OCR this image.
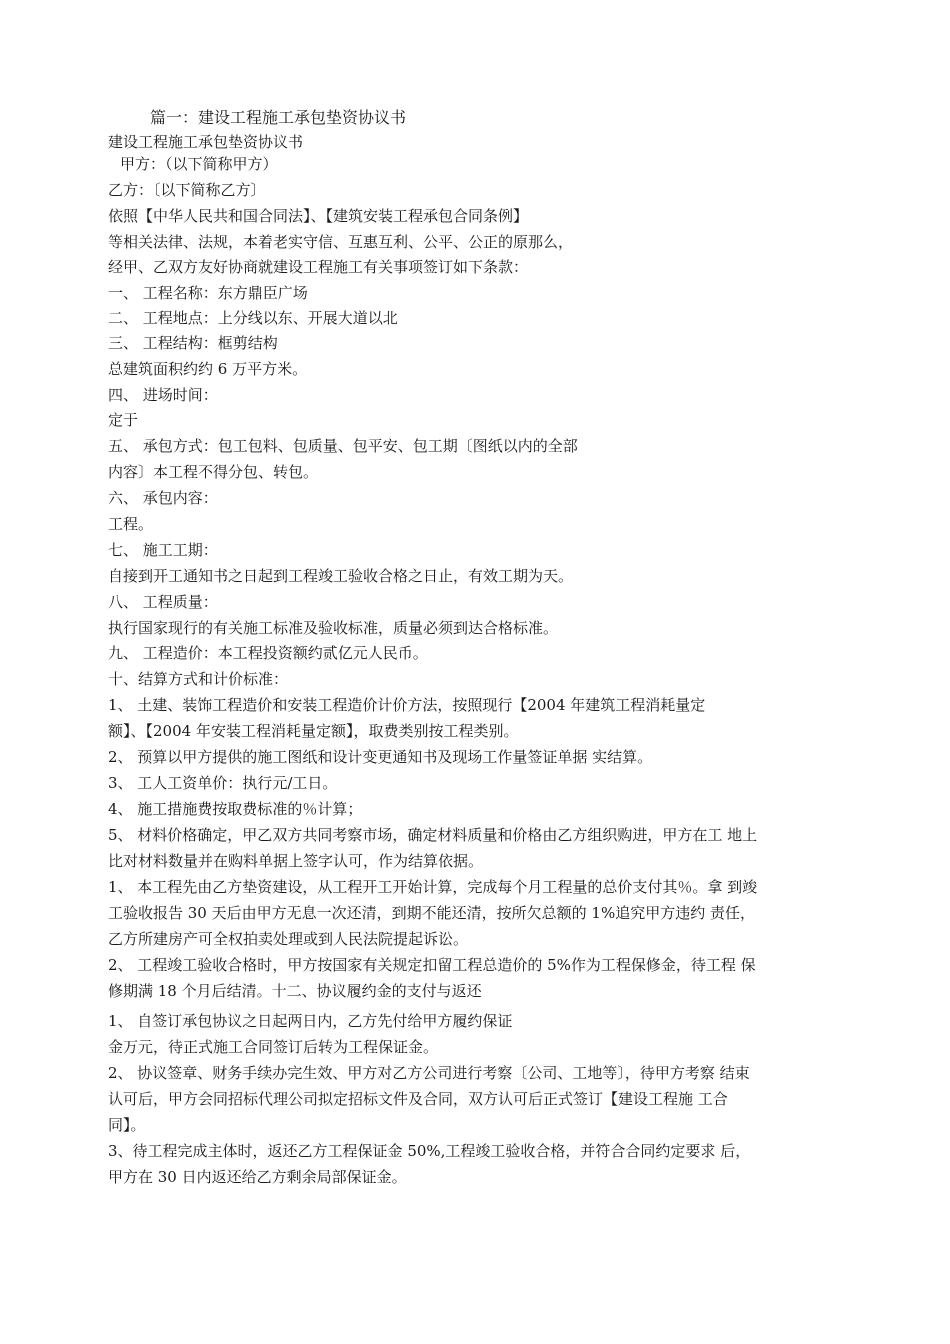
篇一：建设工程施工承包垫资协议书
建设工程施工承包垫资协议书
甲方：（以下简称甲方）
乙方：〔以下简称乙方〕
依照【中华人民共和国合同法】、【建筑安装工程承包合同条例】
等相关法律、法规，本着老实守信、互惠互利、公平、公正的原那么，
经甲、乙双方友好协商就建设工程施工有关事项签订如下条款：
一、 工程名称：东方鼎臣广场
二、 工程地点：上分线以东、开展大道以北
三、 工程结构：框剪结构
总建筑面积约约 6 万平方米。
四、 进场时间：
定于
五、 承包方式：包工包料、包质量、包平安、包工期〔图纸以内的全部
内容〕本工程不得分包、转包。
六、 承包内容：
工程。
七、 施工工期：
自接到开工通知书之日起到工程竣工验收合格之日止，有效工期为天。
八、 工程质量：
执行国家现行的有关施工标准及验收标准，质量必须到达合格标准。
九、 工程造价：本工程投资额约贰亿元人民币。
十、结算方式和计价标准：
1、 土建、装饰工程造价和安装工程造价计价方法，按照现行【2004 年建筑工程消耗量定
额】、【2004 年安装工程消耗量定额】，取费类别按工程类别。
2、 预算以甲方提供的施工图纸和设计变更通知书及现场工作量签证单据 实结算。
3、 工人工资单价：执行元/工日。
4、 施工措施费按取费标准的％计算；
5、 材料价格确定，甲乙双方共同考察市场，确定材料质量和价格由乙方组织购进，甲方在工 地上
比对材料数量并在购料单据上签字认可，作为结算依据。
1、 本工程先由乙方垫资建设，从工程开工开始计算，完成每个月工程量的总价支付其％。拿 到竣
工验收报告 30 天后由甲方无息一次还清，到期不能还清，按所欠总额的 1%追究甲方违约 责任，
乙方所建房产可全权拍卖处理或到人民法院提起诉讼。
2、 工程竣工验收合格时，甲方按国家有关规定扣留工程总造价的 5%作为工程保修金，待工程 保
修期满 18 个月后结清。十二、协议履约金的支付与返还
1、 自签订承包协议之日起两日内，乙方先付给甲方履约保证
金万元，待正式施工合同签订后转为工程保证金。
2、 协议签章、财务手续办完生效、甲方对乙方公司进行考察〔公司、工地等〕，待甲方考察 结束
认可后，甲方会同招标代理公司拟定招标文件及合同，双方认可后正式签订【建设工程施 工合
同】。
3、待工程完成主体时，返还乙方工程保证金 50%,工程竣工验收合格，并符合合同约定要求 后，
甲方在 30 日内返还给乙方剩余局部保证金。
